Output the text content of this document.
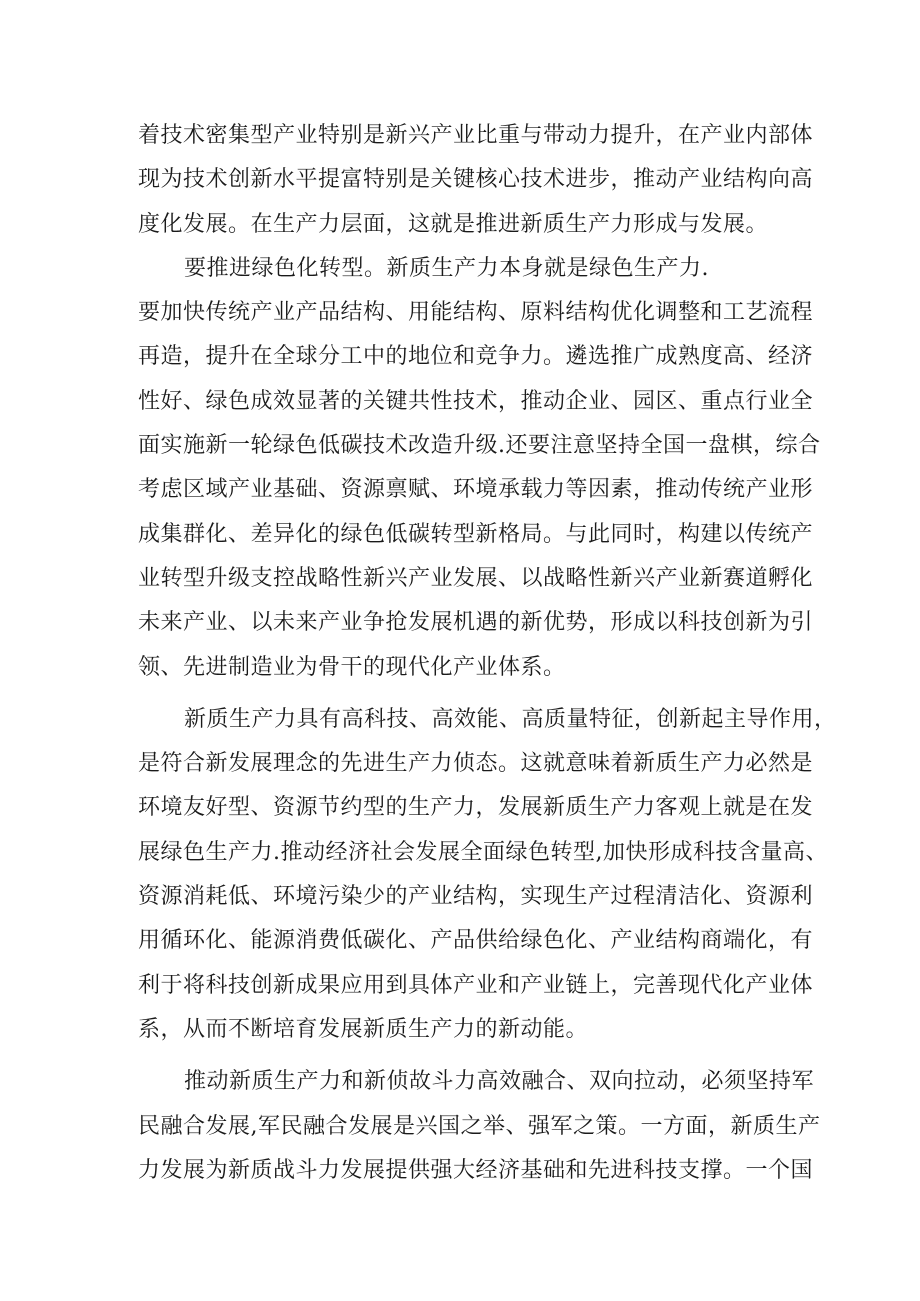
着技术密集型产业特别是新兴产业比重与带动力提升，在产业内部体
现为技术创新水平提富特别是关键核心技术进步，推动产业结构向高
度化发展。在生产力层面，这就是推进新质生产力形成与发展。
要推进绿色化转型。新质生产力本身就是绿色生产力.
要加快传统产业产品结构、用能结构、原料结构优化调整和工艺流程
再造，提升在全球分工中的地位和竞争力。遴选推广成熟度高、经济
性好、绿色成效显著的关键共性技术，推动企业、园区、重点行业全
面实施新一轮绿色低碳技术改造升级.还要注意坚持全国一盘棋，综合
考虑区域产业基础、资源禀赋、环境承载力等因素，推动传统产业形
成集群化、差异化的绿色低碳转型新格局。与此同时，构建以传统产
业转型升级支控战略性新兴产业发展、以战略性新兴产业新赛道孵化
未来产业、以未来产业争抢发展机遇的新优势，形成以科技创新为引
领、先进制造业为骨干的现代化产业体系。
新质生产力具有高科技、高效能、高质量特征，创新起主导作用，
是符合新发展理念的先进生产力侦态。这就意味着新质生产力必然是
环境友好型、资源节约型的生产力，发展新质生产力客观上就是在发
展绿色生产力.推动经济社会发展全面绿色转型,加快形成科技含量高、
资源消耗低、环境污染少的产业结构，实现生产过程清洁化、资源利
用循环化、能源消费低碳化、产品供给绿色化、产业结构商端化，有
利于将科技创新成果应用到具体产业和产业链上，完善现代化产业体
系，从而不断培育发展新质生产力的新动能。
推动新质生产力和新侦故斗力高效融合、双向拉动，必须坚持军
民融合发展,军民融合发展是兴国之举、强军之策。一方面，新质生产
力发展为新质战斗力发展提供强大经济基础和先进科技支撑。一个国
